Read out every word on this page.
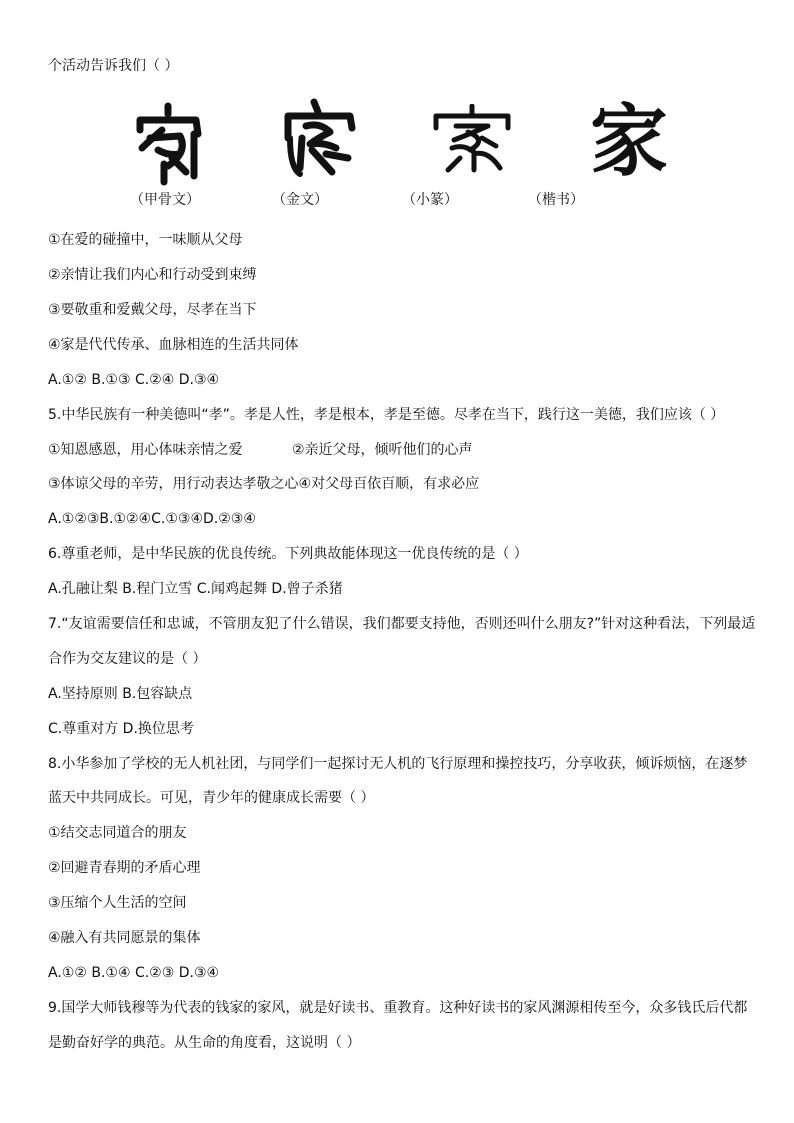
个活动告诉我们（ ）
家
（甲骨文）	（金文）	（小篆）	（楷书）
①在爱的碰撞中，一味顺从父母
②亲情让我们内心和行动受到束缚
③要敬重和爱戴父母，尽孝在当下
④家是代代传承、血脉相连的生活共同体
A.①② B.①③ C.②④ D.③④
5.中华民族有一种美德叫“孝”。孝是人性，孝是根本，孝是至德。尽孝在当下，践行这一美德，我们应该（ ）
①知恩感恩，用心体味亲情之爱	②亲近父母，倾听他们的心声
③体谅父母的辛劳，用行动表达孝敬之心④对父母百依百顺，有求必应
A.①②③B.①②④C.①③④D.②③④
6.尊重老师，是中华民族的优良传统。下列典故能体现这一优良传统的是（ ）
A.孔融让梨 B.程门立雪 C.闻鸡起舞 D.曾子杀猪
7.“友谊需要信任和忠诚，不管朋友犯了什么错误，我们都要支持他，否则还叫什么朋友?”针对这种看法，下列最适
合作为交友建议的是（ ）
A.坚持原则 B.包容缺点
C.尊重对方 D.换位思考
8.小华参加了学校的无人机社团，与同学们一起探讨无人机的飞行原理和操控技巧，分享收获，倾诉烦恼，在逐梦
蓝天中共同成长。可见，青少年的健康成长需要（ ）
①结交志同道合的朋友
②回避青春期的矛盾心理
③压缩个人生活的空间
④融入有共同愿景的集体
A.①② B.①④ C.②③ D.③④
9.国学大师钱穆等为代表的钱家的家风，就是好读书、重教育。这种好读书的家风渊源相传至今，众多钱氏后代都
是勤奋好学的典范。从生命的角度看，这说明（ ）
